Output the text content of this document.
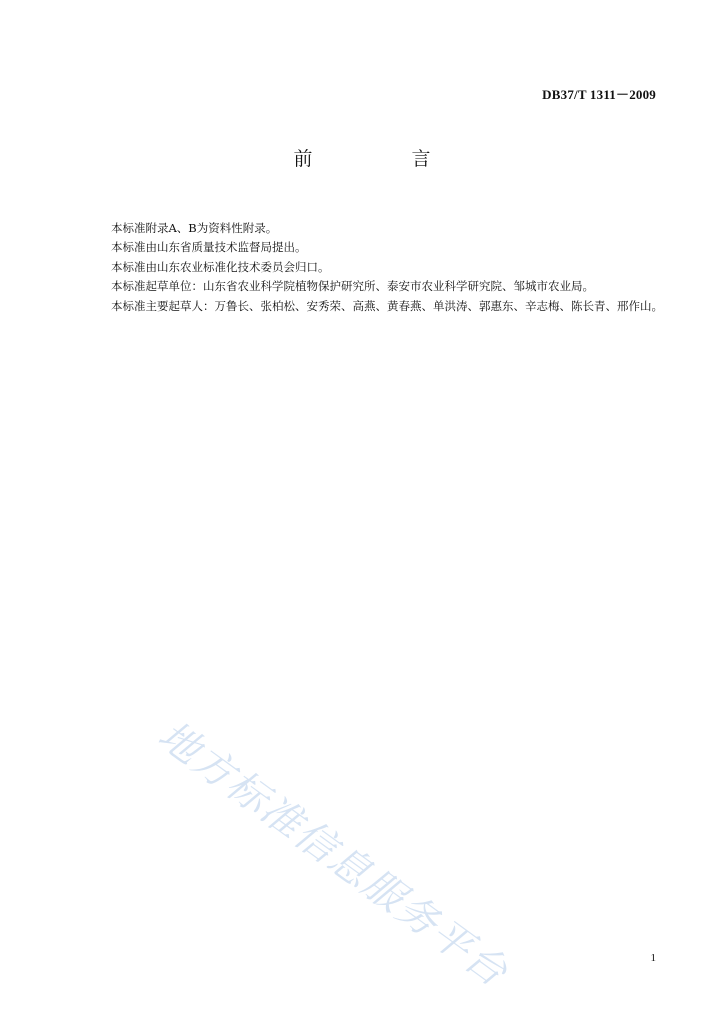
DB37/T 1311－2009
前　言

本标准附录A、B为资料性附录。

本标准由山东省质量技术监督局提出。

本标准由山东农业标准化技术委员会归口。

本标准起草单位：山东省农业科学院植物保护研究所、泰安市农业科学研究院、邹城市农业局。

本标准主要起草人：万鲁长、张柏松、安秀荣、高燕、黄春燕、单洪涛、郭惠东、辛志梅、陈长青、邢作山。

地方标准信息服务平台	1
